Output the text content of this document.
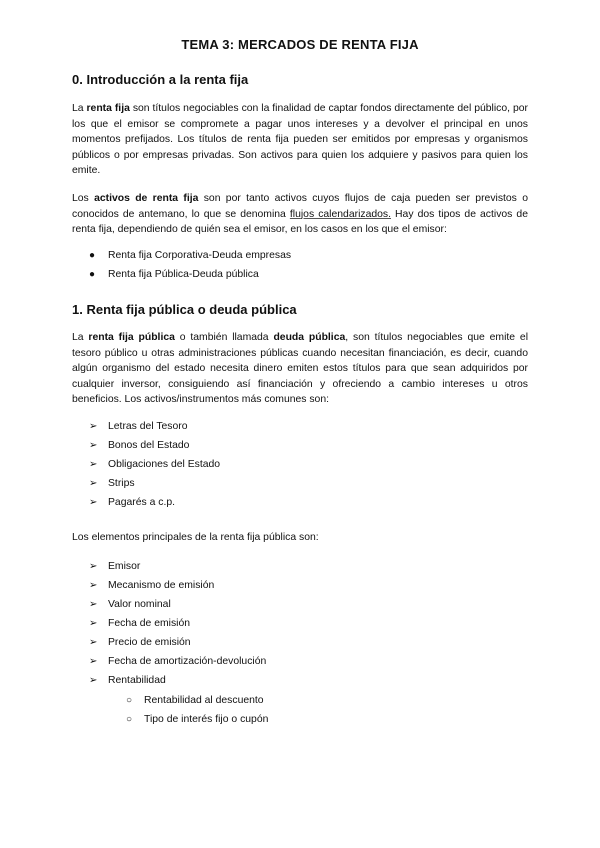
TEMA 3: MERCADOS DE RENTA FIJA
0. Introducción a la renta fija

La renta fija son títulos negociables con la finalidad de captar fondos directamente del público, por los que el emisor se compromete a pagar unos intereses y a devolver el principal en unos momentos prefijados. Los títulos de renta fija pueden ser emitidos por empresas y organismos públicos o por empresas privadas. Son activos para quien los adquiere y pasivos para quien los emite.

Los activos de renta fija son por tanto activos cuyos flujos de caja pueden ser previstos o conocidos de antemano, lo que se denomina flujos calendarizados. Hay dos tipos de activos de renta fija, dependiendo de quién sea el emisor, en los casos en los que el emisor:

● Renta fija Corporativa-Deuda empresas
● Renta fija Pública-Deuda pública
1. Renta fija pública o deuda pública

La renta fija pública o también llamada deuda pública, son títulos negociables que emite el tesoro público u otras administraciones públicas cuando necesitan financiación, es decir, cuando algún organismo del estado necesita dinero emiten estos títulos para que sean adquiridos por cualquier inversor, consiguiendo así financiación y ofreciendo a cambio intereses u otros beneficios. Los activos/instrumentos más comunes son:

➢ Letras del Tesoro
➢ Bonos del Estado
➢ Obligaciones del Estado
➢ Strips
➢ Pagarés a c.p.

Los elementos principales de la renta fija pública son:

➢ Emisor
➢ Mecanismo de emisión
➢ Valor nominal
➢ Fecha de emisión
➢ Precio de emisión
➢ Fecha de amortización-devolución
➢ Rentabilidad
○ Rentabilidad al descuento
○ Tipo de interés fijo o cupón
